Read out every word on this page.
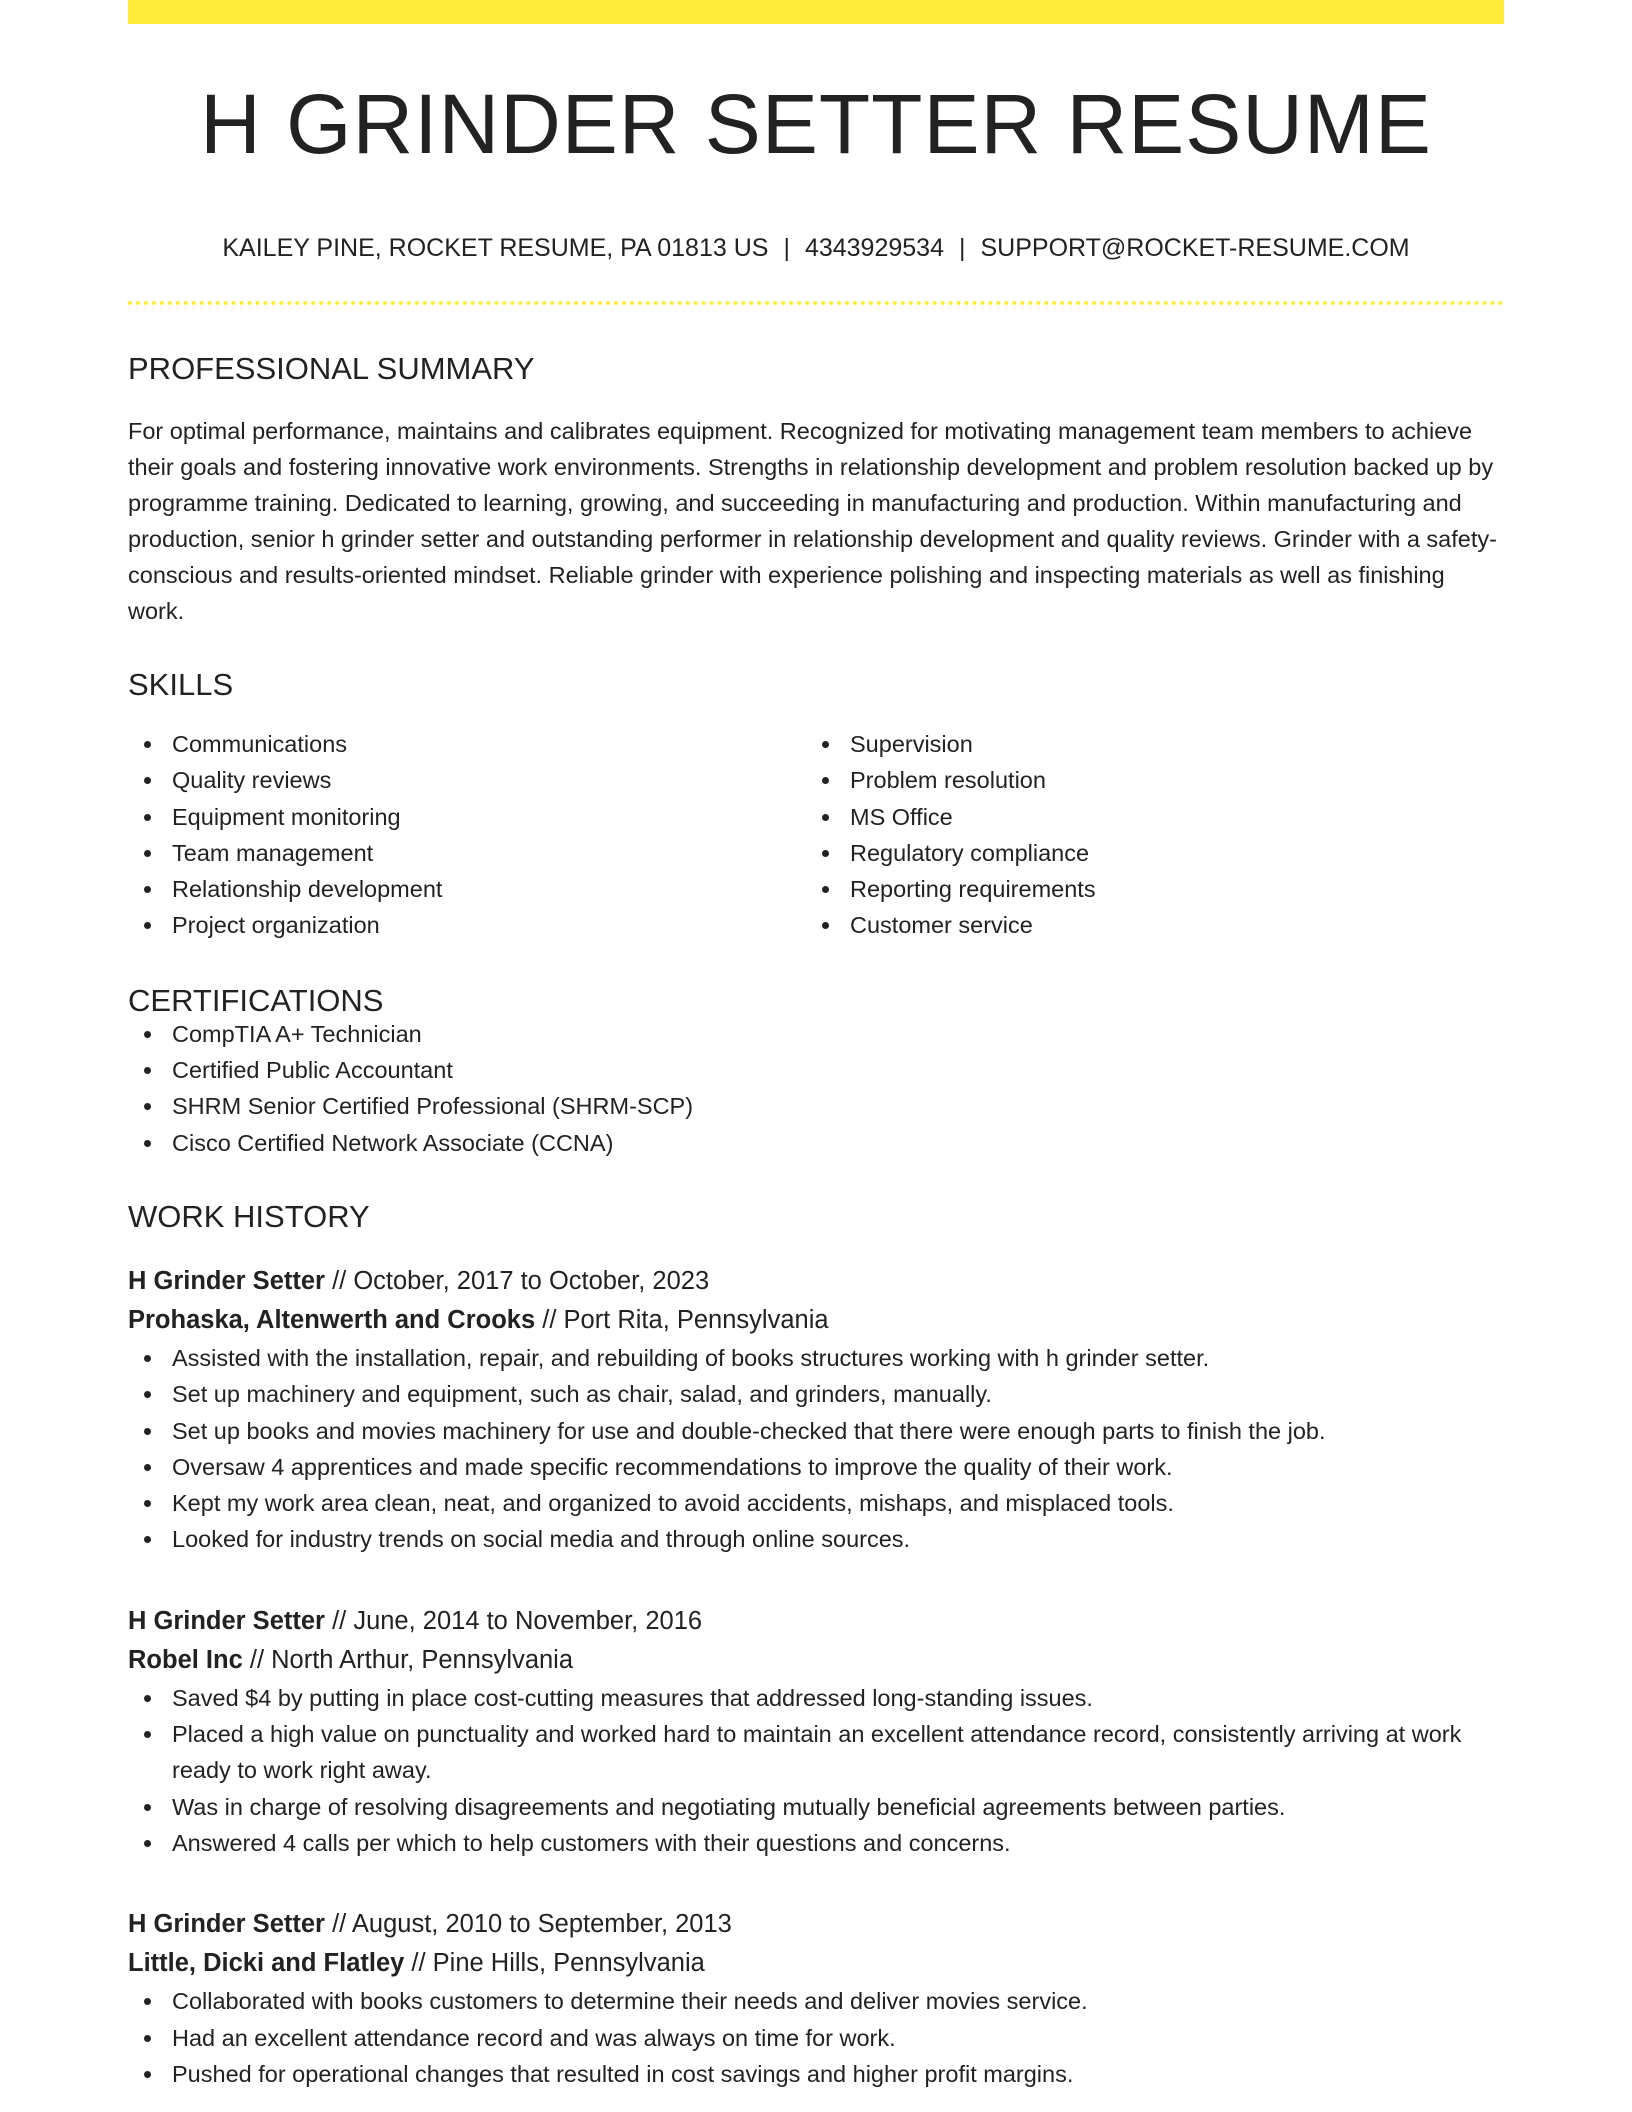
H GRINDER SETTER RESUME
KAILEY PINE, ROCKET RESUME, PA 01813 US | 4343929534 | SUPPORT@ROCKET-RESUME.COM
PROFESSIONAL SUMMARY

For optimal performance, maintains and calibrates equipment. Recognized for motivating management team members to achieve their goals and fostering innovative work environments. Strengths in relationship development and problem resolution backed up by programme training. Dedicated to learning, growing, and succeeding in manufacturing and production. Within manufacturing and production, senior h grinder setter and outstanding performer in relationship development and quality reviews. Grinder with a safety-conscious and results-oriented mindset. Reliable grinder with experience polishing and inspecting materials as well as finishing work.

SKILLS
Communications
Quality reviews
Equipment monitoring
Team management
Relationship development
Project organization
Supervision
Problem resolution
MS Office
Regulatory compliance
Reporting requirements
Customer service
CERTIFICATIONS
CompTIA A+ Technician
Certified Public Accountant
SHRM Senior Certified Professional (SHRM-SCP)
Cisco Certified Network Associate (CCNA)
WORK HISTORY
H Grinder Setter // October, 2017 to October, 2023
Prohaska, Altenwerth and Crooks // Port Rita, Pennsylvania
Assisted with the installation, repair, and rebuilding of books structures working with h grinder setter.
Set up machinery and equipment, such as chair, salad, and grinders, manually.
Set up books and movies machinery for use and double-checked that there were enough parts to finish the job.
Oversaw 4 apprentices and made specific recommendations to improve the quality of their work.
Kept my work area clean, neat, and organized to avoid accidents, mishaps, and misplaced tools.
Looked for industry trends on social media and through online sources.
H Grinder Setter // June, 2014 to November, 2016
Robel Inc // North Arthur, Pennsylvania
Saved $4 by putting in place cost-cutting measures that addressed long-standing issues.
Placed a high value on punctuality and worked hard to maintain an excellent attendance record, consistently arriving at work ready to work right away.
Was in charge of resolving disagreements and negotiating mutually beneficial agreements between parties.
Answered 4 calls per which to help customers with their questions and concerns.
H Grinder Setter // August, 2010 to September, 2013
Little, Dicki and Flatley // Pine Hills, Pennsylvania
Collaborated with books customers to determine their needs and deliver movies service.
Had an excellent attendance record and was always on time for work.
Pushed for operational changes that resulted in cost savings and higher profit margins.
